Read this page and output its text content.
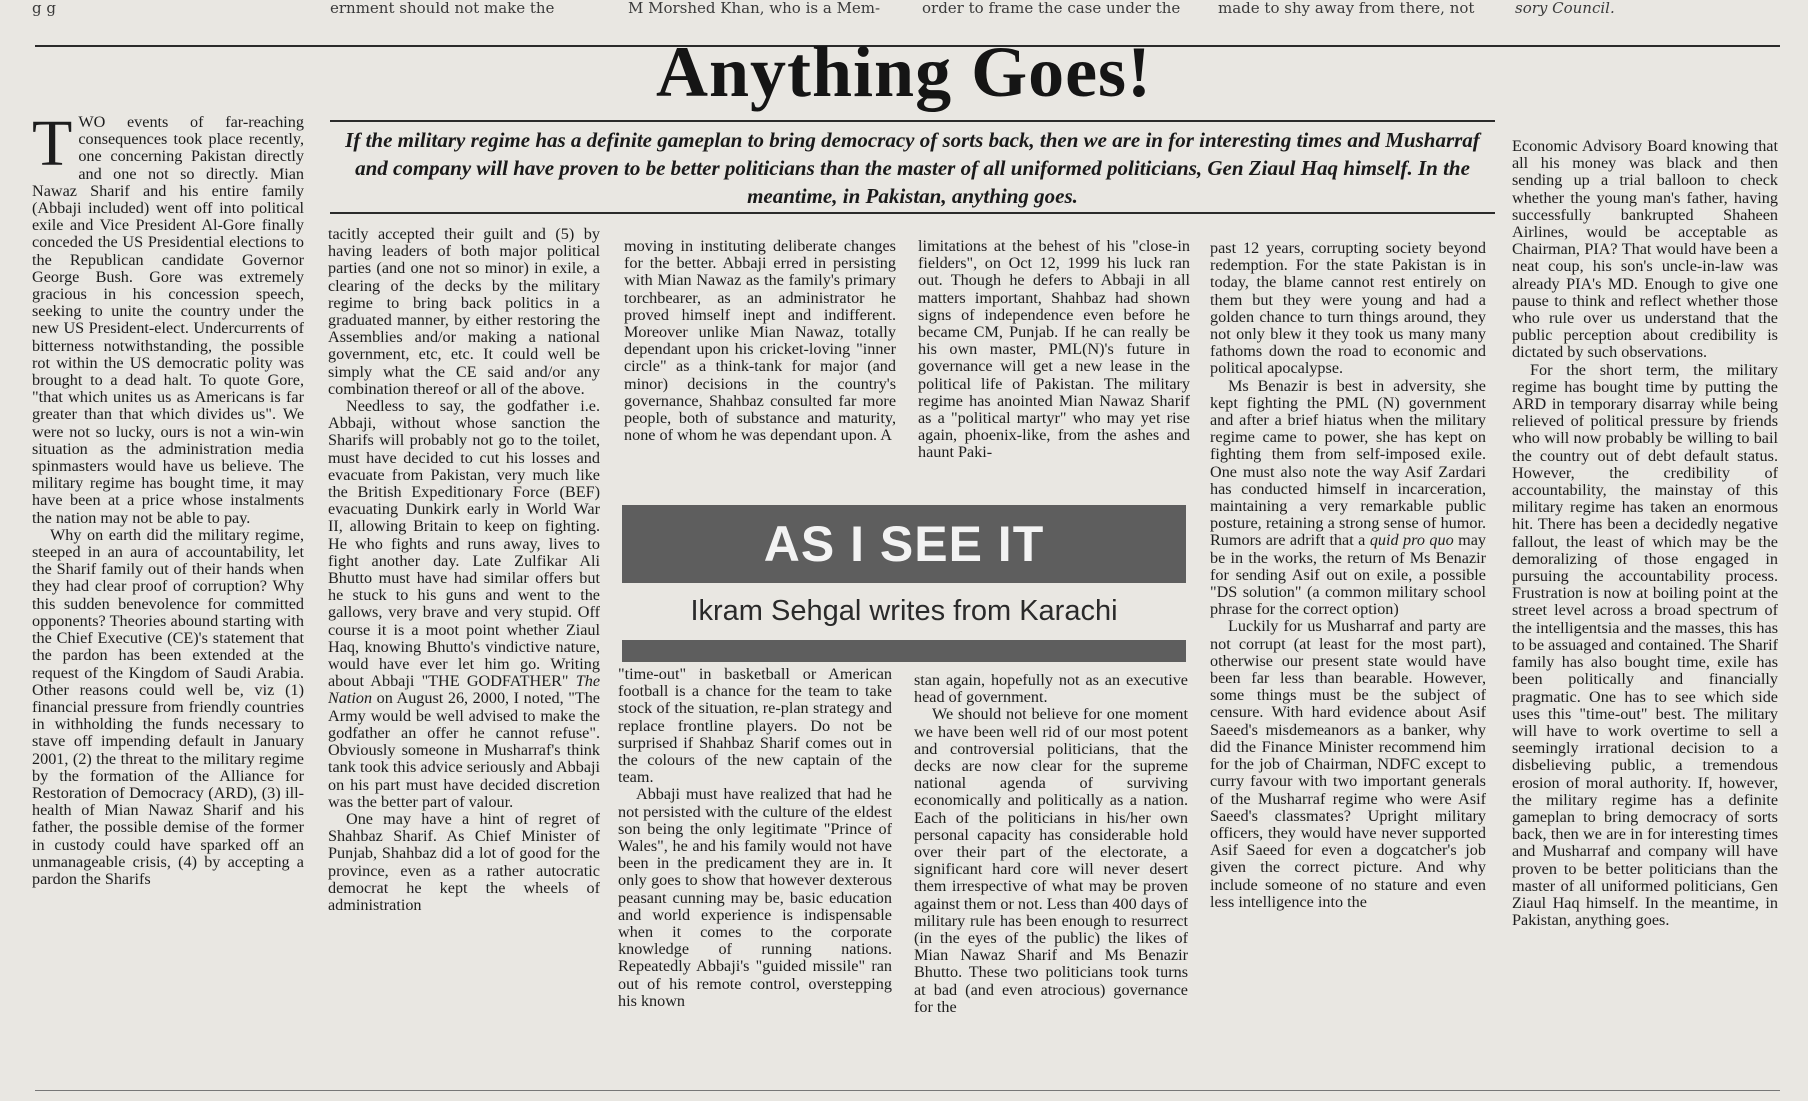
g g	ernment should not make the	M Morshed Khan, who is a Mem-	order to frame the case under the	made to shy away from there, not	sory Council.
Anything Goes!
If the military regime has a definite gameplan to bring democracy of sorts back, then we are in for interesting times and Musharraf and company will have proven to be better politicians than the master of all uniformed politicians, Gen Ziaul Haq himself. In the meantime, in Pakistan, anything goes.

TWO events of far-reaching consequences took place recently, one concerning Pakistan directly and one not so directly. Mian Nawaz Sharif and his entire family (Abbaji included) went off into political exile and Vice President Al-Gore finally conceded the US Presidential elections to the Republican candidate Governor George Bush. Gore was extremely gracious in his concession speech, seeking to unite the country under the new US President-elect. Undercurrents of bitterness notwithstanding, the possible rot within the US democratic polity was brought to a dead halt. To quote Gore, "that which unites us as Americans is far greater than that which divides us". We were not so lucky, ours is not a win-win situation as the administration media spinmasters would have us believe. The military regime has bought time, it may have been at a price whose instalments the nation may not be able to pay.

Why on earth did the military regime, steeped in an aura of accountability, let the Sharif family out of their hands when they had clear proof of corruption? Why this sudden benevolence for committed opponents? Theories abound starting with the Chief Executive (CE)'s statement that the pardon has been extended at the request of the Kingdom of Saudi Arabia. Other reasons could well be, viz (1) financial pressure from friendly countries in withholding the funds necessary to stave off impending default in January 2001, (2) the threat to the military regime by the formation of the Alliance for Restoration of Democracy (ARD), (3) ill-health of Mian Nawaz Sharif and his father, the possible demise of the former in custody could have sparked off an unmanageable crisis, (4) by accepting a pardon the Sharifs

tacitly accepted their guilt and (5) by having leaders of both major political parties (and one not so minor) in exile, a clearing of the decks by the military regime to bring back politics in a graduated manner, by either restoring the Assemblies and/or making a national government, etc, etc. It could well be simply what the CE said and/or any combination thereof or all of the above.

Needless to say, the godfather i.e. Abbaji, without whose sanction the Sharifs will probably not go to the toilet, must have decided to cut his losses and evacuate from Pakistan, very much like the British Expeditionary Force (BEF) evacuating Dunkirk early in World War II, allowing Britain to keep on fighting. He who fights and runs away, lives to fight another day. Late Zulfikar Ali Bhutto must have had similar offers but he stuck to his guns and went to the gallows, very brave and very stupid. Off course it is a moot point whether Ziaul Haq, knowing Bhutto's vindictive nature, would have ever let him go. Writing about Abbaji "THE GODFATHER" The Nation on August 26, 2000, I noted, "The Army would be well advised to make the godfather an offer he cannot refuse". Obviously someone in Musharraf's think tank took this advice seriously and Abbaji on his part must have decided discretion was the better part of valour.

One may have a hint of regret of Shahbaz Sharif. As Chief Minister of Punjab, Shahbaz did a lot of good for the province, even as a rather autocratic democrat he kept the wheels of administration

moving in instituting deliberate changes for the better. Abbaji erred in persisting with Mian Nawaz as the family's primary torchbearer, as an administrator he proved himself inept and indifferent. Moreover unlike Mian Nawaz, totally dependant upon his cricket-loving "inner circle" as a think-tank for major (and minor) decisions in the country's governance, Shahbaz consulted far more people, both of substance and maturity, none of whom he was dependant upon. A

limitations at the behest of his "close-in fielders", on Oct 12, 1999 his luck ran out. Though he defers to Abbaji in all matters important, Shahbaz had shown signs of independence even before he became CM, Punjab. If he can really be his own master, PML(N)'s future in governance will get a new lease in the political life of Pakistan. The military regime has anointed Mian Nawaz Sharif as a "political martyr" who may yet rise again, phoenix-like, from the ashes and haunt Paki-

AS I SEE IT
Ikram Sehgal writes from Karachi

"time-out" in basketball or American football is a chance for the team to take stock of the situation, re-plan strategy and replace frontline players. Do not be surprised if Shahbaz Sharif comes out in the colours of the new captain of the team.

Abbaji must have realized that had he not persisted with the culture of the eldest son being the only legitimate "Prince of Wales", he and his family would not have been in the predicament they are in. It only goes to show that however dexterous peasant cunning may be, basic education and world experience is indispensable when it comes to the corporate knowledge of running nations. Repeatedly Abbaji's "guided missile" ran out of his remote control, overstepping his known

stan again, hopefully not as an executive head of government.

We should not believe for one moment we have been well rid of our most potent and controversial politicians, that the decks are now clear for the supreme national agenda of surviving economically and politically as a nation. Each of the politicians in his/her own personal capacity has considerable hold over their part of the electorate, a significant hard core will never desert them irrespective of what may be proven against them or not. Less than 400 days of military rule has been enough to resurrect (in the eyes of the public) the likes of Mian Nawaz Sharif and Ms Benazir Bhutto. These two politicians took turns at bad (and even atrocious) governance for the

past 12 years, corrupting society beyond redemption. For the state Pakistan is in today, the blame cannot rest entirely on them but they were young and had a golden chance to turn things around, they not only blew it they took us many many fathoms down the road to economic and political apocalypse.

Ms Benazir is best in adversity, she kept fighting the PML (N) government and after a brief hiatus when the military regime came to power, she has kept on fighting them from self-imposed exile. One must also note the way Asif Zardari has conducted himself in incarceration, maintaining a very remarkable public posture, retaining a strong sense of humor. Rumors are adrift that a quid pro quo may be in the works, the return of Ms Benazir for sending Asif out on exile, a possible "DS solution" (a common military school phrase for the correct option)

Luckily for us Musharraf and party are not corrupt (at least for the most part), otherwise our present state would have been far less than bearable. However, some things must be the subject of censure. With hard evidence about Asif Saeed's misdemeanors as a banker, why did the Finance Minister recommend him for the job of Chairman, NDFC except to curry favour with two important generals of the Musharraf regime who were Asif Saeed's classmates? Upright military officers, they would have never supported Asif Saeed for even a dogcatcher's job given the correct picture. And why include someone of no stature and even less intelligence into the

Economic Advisory Board knowing that all his money was black and then sending up a trial balloon to check whether the young man's father, having successfully bankrupted Shaheen Airlines, would be acceptable as Chairman, PIA? That would have been a neat coup, his son's uncle-in-law was already PIA's MD. Enough to give one pause to think and reflect whether those who rule over us understand that the public perception about credibility is dictated by such observations.

For the short term, the military regime has bought time by putting the ARD in temporary disarray while being relieved of political pressure by friends who will now probably be willing to bail the country out of debt default status. However, the credibility of accountability, the mainstay of this military regime has taken an enormous hit. There has been a decidedly negative fallout, the least of which may be the demoralizing of those engaged in pursuing the accountability process. Frustration is now at boiling point at the street level across a broad spectrum of the intelligentsia and the masses, this has to be assuaged and contained. The Sharif family has also bought time, exile has been politically and financially pragmatic. One has to see which side uses this "time-out" best. The military will have to work overtime to sell a seemingly irrational decision to a disbelieving public, a tremendous erosion of moral authority. If, however, the military regime has a definite gameplan to bring democracy of sorts back, then we are in for interesting times and Musharraf and company will have proven to be better politicians than the master of all uniformed politicians, Gen Ziaul Haq himself. In the meantime, in Pakistan, anything goes.
